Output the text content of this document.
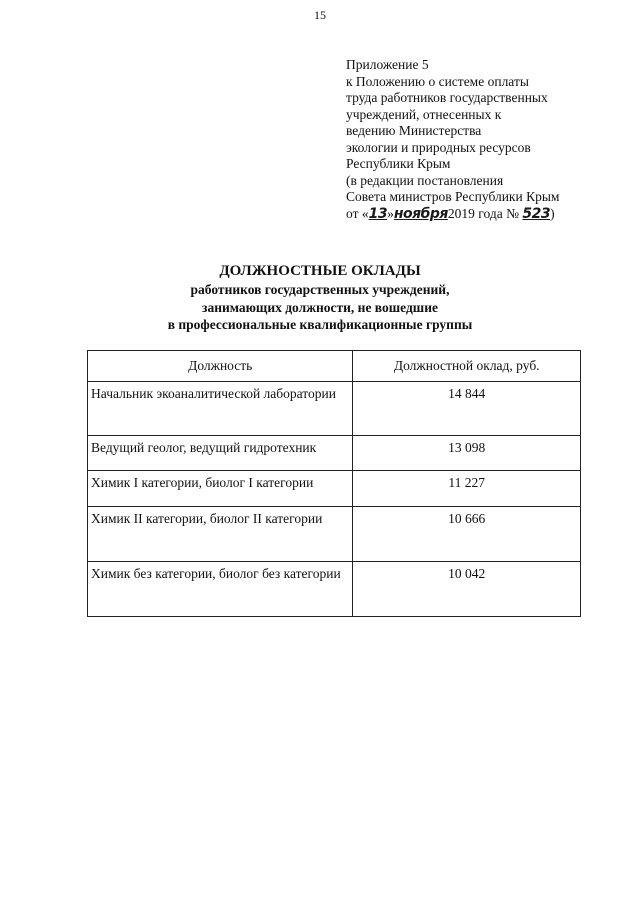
15
Приложение 5
к Положению о системе оплаты
труда работников государственных
учреждений, отнесенных к
ведению Министерства
экологии и природных ресурсов
Республики Крым
(в редакции постановления
Совета министров Республики Крым
от «13»ноября2019 года № 523)
ДОЛЖНОСТНЫЕ ОКЛАДЫ
работников государственных учреждений,
занимающих должности, не вошедшие
в профессиональные квалификационные группы
Должность	Должностной оклад, руб.
Начальник экоаналитической лаборатории	14 844
Ведущий геолог, ведущий гидротехник	13 098
Химик I категории, биолог I категории	11 227
Химик II категории, биолог II категории	10 666
Химик без категории, биолог без категории	10 042
